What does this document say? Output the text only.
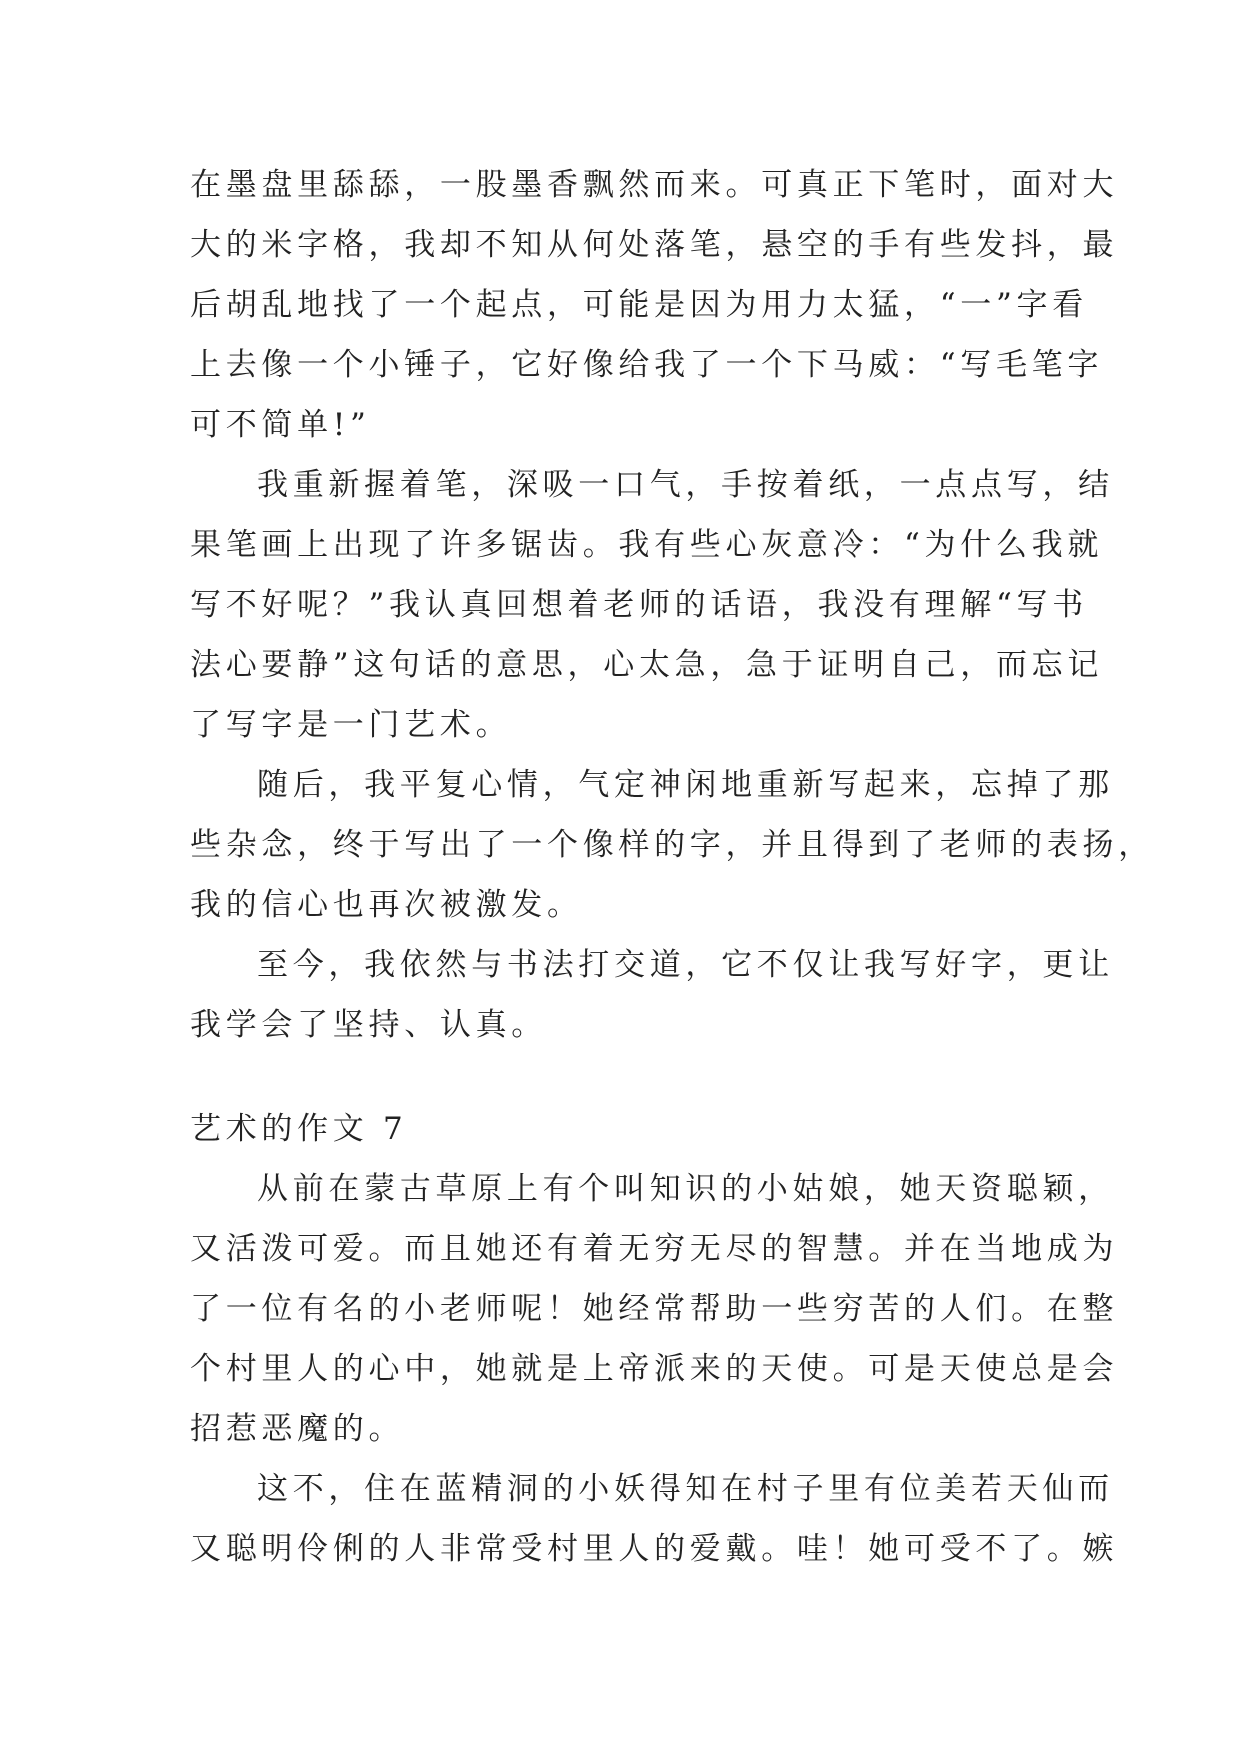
在墨盘里舔舔，一股墨香飘然而来。可真正下笔时，面对大
大的米字格，我却不知从何处落笔，悬空的手有些发抖，最
后胡乱地找了一个起点，可能是因为用力太猛，“一”字看
上去像一个小锤子，它好像给我了一个下马威：“写毛笔字
可不简单!”
我重新握着笔，深吸一口气，手按着纸，一点点写，结
果笔画上出现了许多锯齿。我有些心灰意冷：“为什么我就
写不好呢？”我认真回想着老师的话语，我没有理解“写书
法心要静”这句话的意思，心太急，急于证明自己，而忘记
了写字是一门艺术。
随后，我平复心情，气定神闲地重新写起来，忘掉了那
些杂念，终于写出了一个像样的字，并且得到了老师的表扬，
我的信心也再次被激发。
至今，我依然与书法打交道，它不仅让我写好字，更让
我学会了坚持、认真。
艺术的作文 7
从前在蒙古草原上有个叫知识的小姑娘，她天资聪颖，
又活泼可爱。而且她还有着无穷无尽的智慧。并在当地成为
了一位有名的小老师呢！她经常帮助一些穷苦的人们。在整
个村里人的心中，她就是上帝派来的天使。可是天使总是会
招惹恶魔的。
这不，住在蓝精洞的小妖得知在村子里有位美若天仙而
又聪明伶俐的人非常受村里人的爱戴。哇！她可受不了。嫉
